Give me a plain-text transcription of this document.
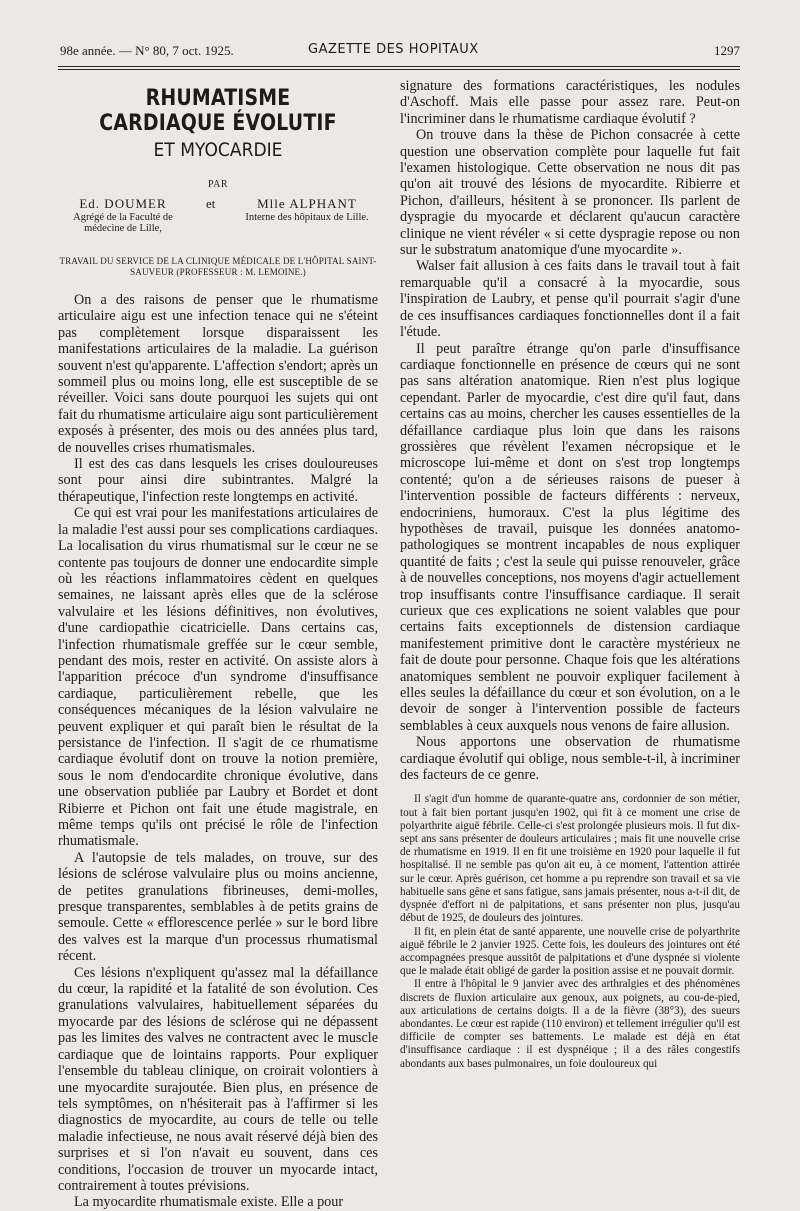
98e année. — N° 80, 7 oct. 1925.	GAZETTE DES HOPITAUX	1297
RHUMATISME CARDIAQUE ÉVOLUTIF
ET MYOCARDIE
PAR
Ed. DOUMER
Agrégé de la Faculté de médecine de Lille,
et	Mlle ALPHANT
Interne des hôpitaux de Lille.
TRAVAIL DU SERVICE DE LA CLINIQUE MÉDICALE DE L'HÔPITAL SAINT-SAUVEUR (PROFESSEUR : M. LEMOINE.)

On a des raisons de penser que le rhumatisme articulaire aigu est une infection tenace qui ne s'éteint pas complètement lorsque disparaissent les manifestations articulaires de la maladie. La guérison souvent n'est qu'apparente. L'affection s'endort; après un sommeil plus ou moins long, elle est susceptible de se réveiller. Voici sans doute pourquoi les sujets qui ont fait du rhumatisme articulaire aigu sont particulièrement exposés à présenter, des mois ou des années plus tard, de nouvelles crises rhumatismales.

Il est des cas dans lesquels les crises douloureuses sont pour ainsi dire subintrantes. Malgré la thérapeutique, l'infection reste longtemps en activité.

Ce qui est vrai pour les manifestations articulaires de la maladie l'est aussi pour ses complications cardiaques. La localisation du virus rhumatismal sur le cœur ne se contente pas toujours de donner une endocardite simple où les réactions inflammatoires cèdent en quelques semaines, ne laissant après elles que de la sclérose valvulaire et les lésions définitives, non évolutives, d'une cardiopathie cicatricielle. Dans certains cas, l'infection rhumatismale greffée sur le cœur semble, pendant des mois, rester en activité. On assiste alors à l'apparition précoce d'un syndrome d'insuffisance cardiaque, particulièrement rebelle, que les conséquences mécaniques de la lésion valvulaire ne peuvent expliquer et qui paraît bien le résultat de la persistance de l'infection. Il s'agit de ce rhumatisme cardiaque évolutif dont on trouve la notion première, sous le nom d'endocardite chronique évolutive, dans une observation publiée par Laubry et Bordet et dont Ribierre et Pichon ont fait une étude magistrale, en même temps qu'ils ont précisé le rôle de l'infection rhumatismale.

A l'autopsie de tels malades, on trouve, sur des lésions de sclérose valvulaire plus ou moins ancienne, de petites granulations fibrineuses, demi-molles, presque transparentes, semblables à de petits grains de semoule. Cette « efflorescence perlée » sur le bord libre des valves est la marque d'un processus rhumatismal récent.

Ces lésions n'expliquent qu'assez mal la défaillance du cœur, la rapidité et la fatalité de son évolution. Ces granulations valvulaires, habituellement séparées du myocarde par des lésions de sclérose qui ne dépassent pas les limites des valves ne contractent avec le muscle cardiaque que de lointains rapports. Pour expliquer l'ensemble du tableau clinique, on croirait volontiers à une myocardite surajoutée. Bien plus, en présence de tels symptômes, on n'hésiterait pas à l'affirmer si les diagnostics de myocardite, au cours de telle ou telle maladie infectieuse, ne nous avait réservé déjà bien des surprises et si l'on n'avait eu souvent, dans ces conditions, l'occasion de trouver un myocarde intact, contrairement à toutes prévisions.

La myocardite rhumatismale existe. Elle a pour

signature des formations caractéristiques, les nodules d'Aschoff. Mais elle passe pour assez rare. Peut-on l'incriminer dans le rhumatisme cardiaque évolutif ?

On trouve dans la thèse de Pichon consacrée à cette question une observation complète pour laquelle fut fait l'examen histologique. Cette observation ne nous dit pas qu'on ait trouvé des lésions de myocardite. Ribierre et Pichon, d'ailleurs, hésitent à se prononcer. Ils parlent de dyspragie du myocarde et déclarent qu'aucun caractère clinique ne vient révéler « si cette dyspragie repose ou non sur le substratum anatomique d'une myocardite ».

Walser fait allusion à ces faits dans le travail tout à fait remarquable qu'il a consacré à la myocardie, sous l'inspiration de Laubry, et pense qu'il pourrait s'agir d'une de ces insuffisances cardiaques fonctionnelles dont il a fait l'étude.

Il peut paraître étrange qu'on parle d'insuffisance cardiaque fonctionnelle en présence de cœurs qui ne sont pas sans altération anatomique. Rien n'est plus logique cependant. Parler de myocardie, c'est dire qu'il faut, dans certains cas au moins, chercher les causes essentielles de la défaillance cardiaque plus loin que dans les raisons grossières que révèlent l'examen nécropsique et le microscope lui-même et dont on s'est trop longtemps contenté; qu'on a de sérieuses raisons de pueser à l'intervention possible de facteurs différents : nerveux, endocriniens, humoraux. C'est la plus légitime des hypothèses de travail, puisque les données anatomo-pathologiques se montrent incapables de nous expliquer quantité de faits ; c'est la seule qui puisse renouveler, grâce à de nouvelles conceptions, nos moyens d'agir actuellement trop insuffisants contre l'insuffisance cardiaque. Il serait curieux que ces explications ne soient valables que pour certains faits exceptionnels de distension cardiaque manifestement primitive dont le caractère mystérieux ne fait de doute pour personne. Chaque fois que les altérations anatomiques semblent ne pouvoir expliquer facilement à elles seules la défaillance du cœur et son évolution, on a le devoir de songer à l'intervention possible de facteurs semblables à ceux auxquels nous venons de faire allusion.

Nous apportons une observation de rhumatisme cardiaque évolutif qui oblige, nous semble-t-il, à incriminer des facteurs de ce genre.

Il s'agit d'un homme de quarante-quatre ans, cordonnier de son métier, tout à fait bien portant jusqu'en 1902, qui fit à ce moment une crise de polyarthrite aiguë fébrile. Celle-ci s'est prolongée plusieurs mois. Il fut dix-sept ans sans présenter de douleurs articulaires ; mais fit une nouvelle crise de rhumatisme en 1919. Il en fit une troisième en 1920 pour laquelle il fut hospitalisé. Il ne semble pas qu'on ait eu, à ce moment, l'attention attirée sur le cœur. Après guérison, cet homme a pu reprendre son travail et sa vie habituelle sans gêne et sans fatigue, sans jamais présenter, nous a-t-il dit, de dyspnée d'effort ni de palpitations, et sans présenter non plus, jusqu'au début de 1925, de douleurs des jointures.

Il fit, en plein état de santé apparente, une nouvelle crise de polyarthrite aiguë fébrile le 2 janvier 1925. Cette fois, les douleurs des jointures ont été accompagnées presque aussitôt de palpitations et d'une dyspnée si violente que le malade était obligé de garder la position assise et ne pouvait dormir.

Il entre à l'hôpital le 9 janvier avec des arthralgies et des phénomènes discrets de fluxion articulaire aux genoux, aux poignets, au cou-de-pied, aux articulations de certains doigts. Il a de la fièvre (38°3), des sueurs abondantes. Le cœur est rapide (110 environ) et tellement irrégulier qu'il est difficile de compter ses battements. Le malade est déjà en état d'insuffisance cardiaque : il est dyspnéique ; il a des râles congestifs abondants aux bases pulmonaires, un foie douloureux qui
